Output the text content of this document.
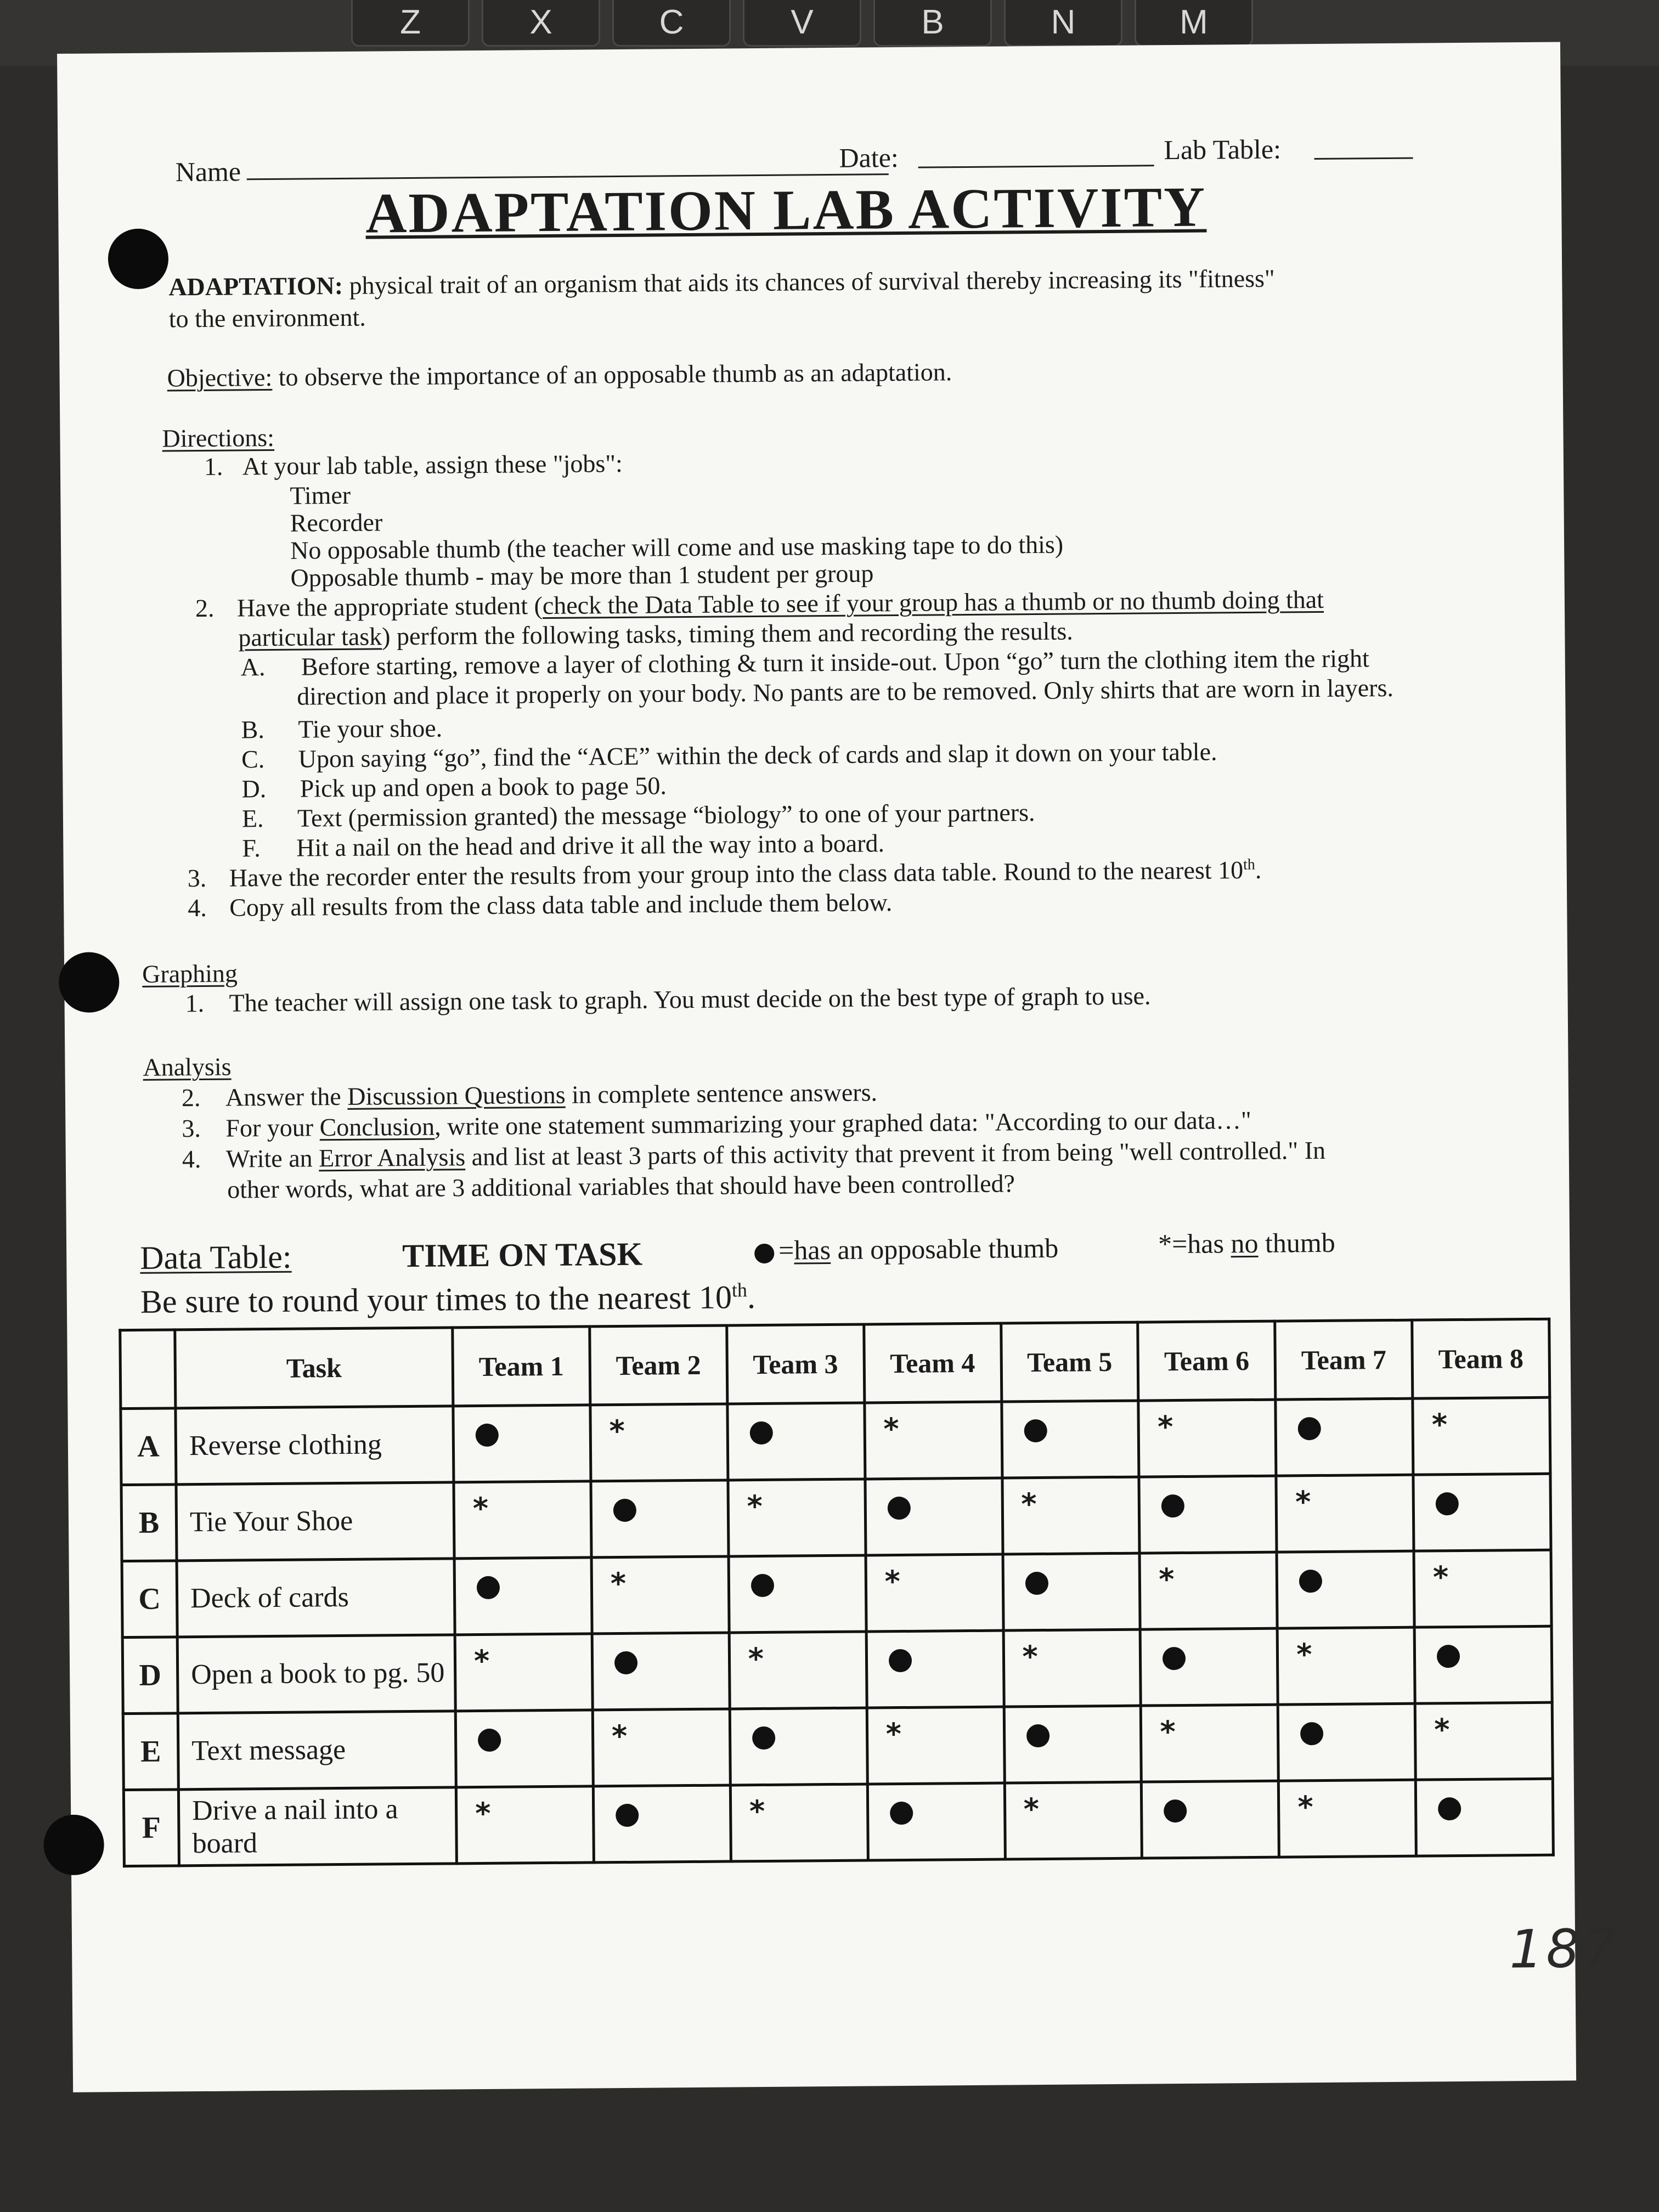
Z	X	C	V	B	N	M
Name	Date:	Lab Table:
ADAPTATION LAB ACTIVITY
ADAPTATION: physical trait of an organism that aids its chances of survival thereby increasing its "fitness"
to the environment.
Objective: to observe the importance of an opposable thumb as an adaptation.
Directions:
1. At your lab table, assign these "jobs":
Timer
Recorder
No opposable thumb (the teacher will come and use masking tape to do this)
Opposable thumb - may be more than 1 student per group
2. Have the appropriate student (check the Data Table to see if your group has a thumb or no thumb doing that
particular task) perform the following tasks, timing them and recording the results.
A. Before starting, remove a layer of clothing & turn it inside-out. Upon “go” turn the clothing item the right
direction and place it properly on your body. No pants are to be removed. Only shirts that are worn in layers.
B. Tie your shoe.
C. Upon saying “go”, find the “ACE” within the deck of cards and slap it down on your table.
D. Pick up and open a book to page 50.
E. Text (permission granted) the message “biology” to one of your partners.
F. Hit a nail on the head and drive it all the way into a board.
3. Have the recorder enter the results from your group into the class data table. Round to the nearest 10th.
4. Copy all results from the class data table and include them below.
Graphing
1. The teacher will assign one task to graph. You must decide on the best type of graph to use.
Analysis
2. Answer the Discussion Questions in complete sentence answers.
3. For your Conclusion, write one statement summarizing your graphed data: "According to our data…"
4. Write an Error Analysis and list at least 3 parts of this activity that prevent it from being "well controlled." In
other words, what are 3 additional variables that should have been controlled?
Data Table:	TIME ON TASK	=has an opposable thumb	*=has no thumb
Be sure to round your times to the nearest 10th.
	Task	Team 1	Team 2	Team 3	Team 4	Team 5	Team 6	Team 7	Team 8
A	Reverse clothing		*		*		*		*

B	Tie Your Shoe	*		*		*		*	

C	Deck of cards		*		*		*		*

D	Open a book to pg. 50	*		*		*		*	

E	Text message		*		*		*		*

F	Drive a nail into a board	*		*		*		*	

187
